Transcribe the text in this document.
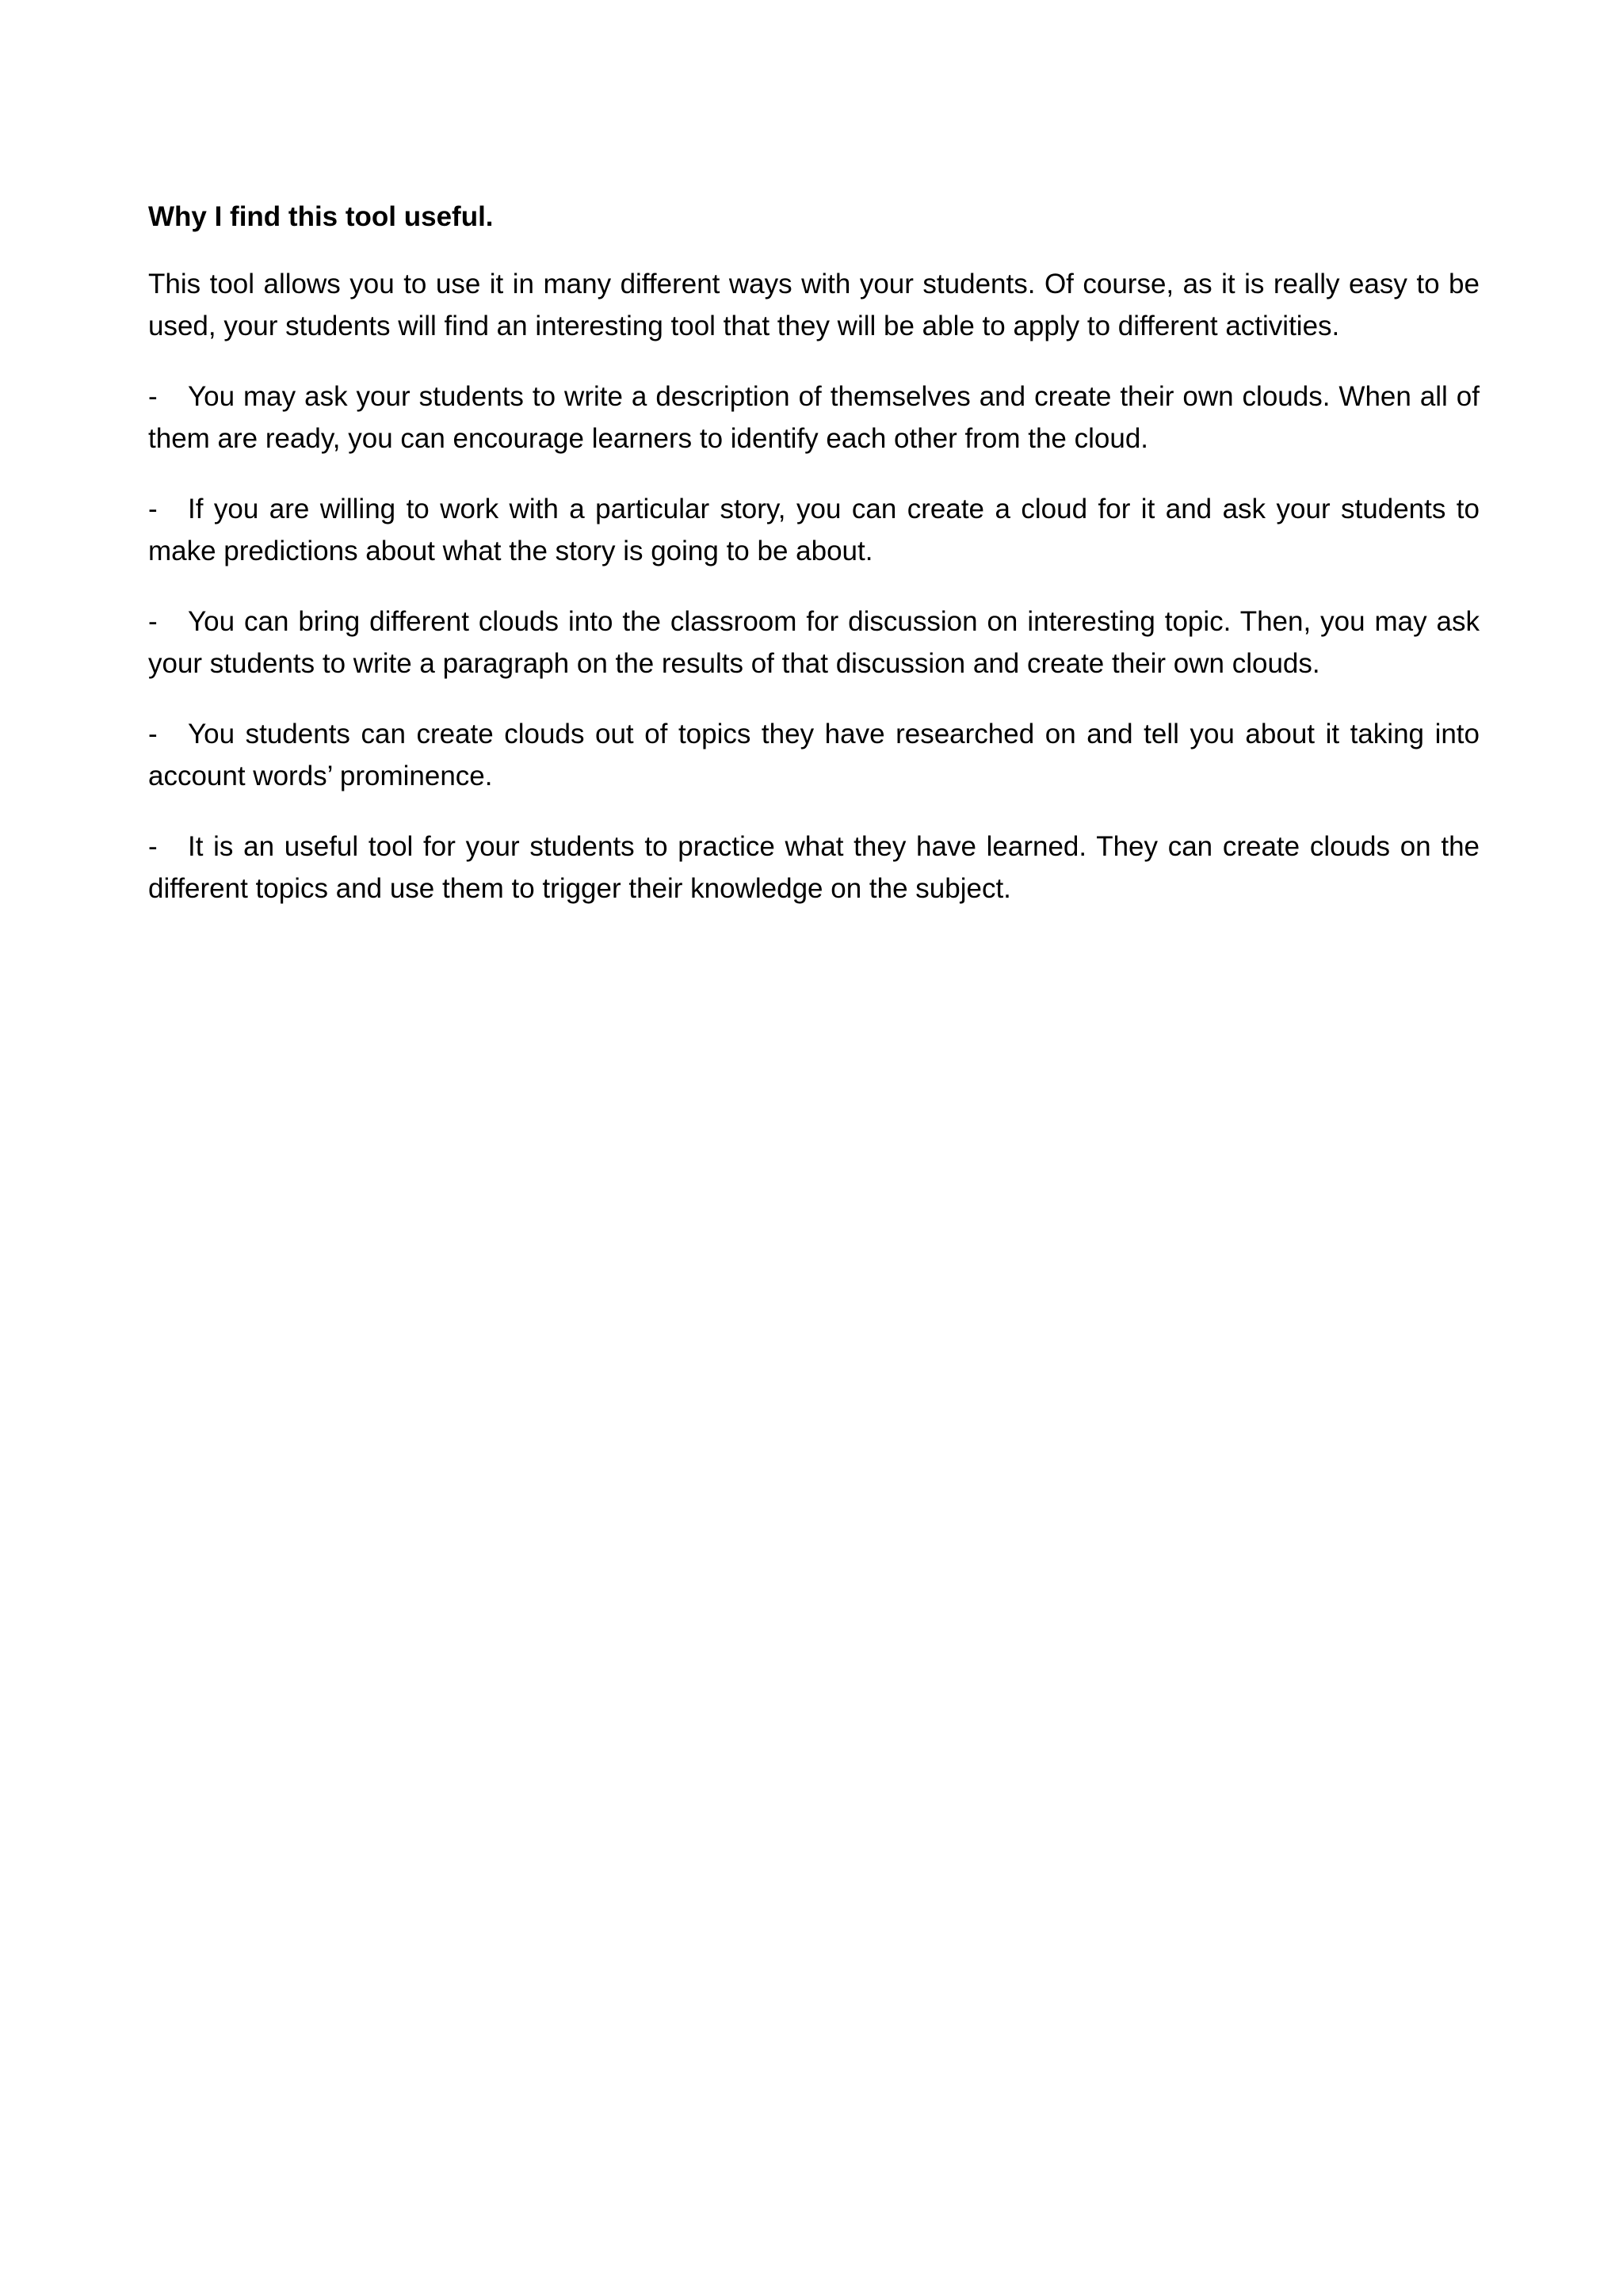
Why I find this tool useful.

This tool allows you to use it in many different ways with your students. Of course, as it is really easy to be used, your students will find an interesting tool that they will be able to apply to different activities.

- You may ask your students to write a description of themselves and create their own clouds. When all of them are ready, you can encourage learners to identify each other from the cloud.

- If you are willing to work with a particular story, you can create a cloud for it and ask your students to make predictions about what the story is going to be about.

- You can bring different clouds into the classroom for discussion on interesting topic. Then, you may ask your students to write a paragraph on the results of that discussion and create their own clouds.

- You students can create clouds out of topics they have researched on and tell you about it taking into account words’ prominence.

- It is an useful tool for your students to practice what they have learned. They can create clouds on the different topics and use them to trigger their knowledge on the subject.
